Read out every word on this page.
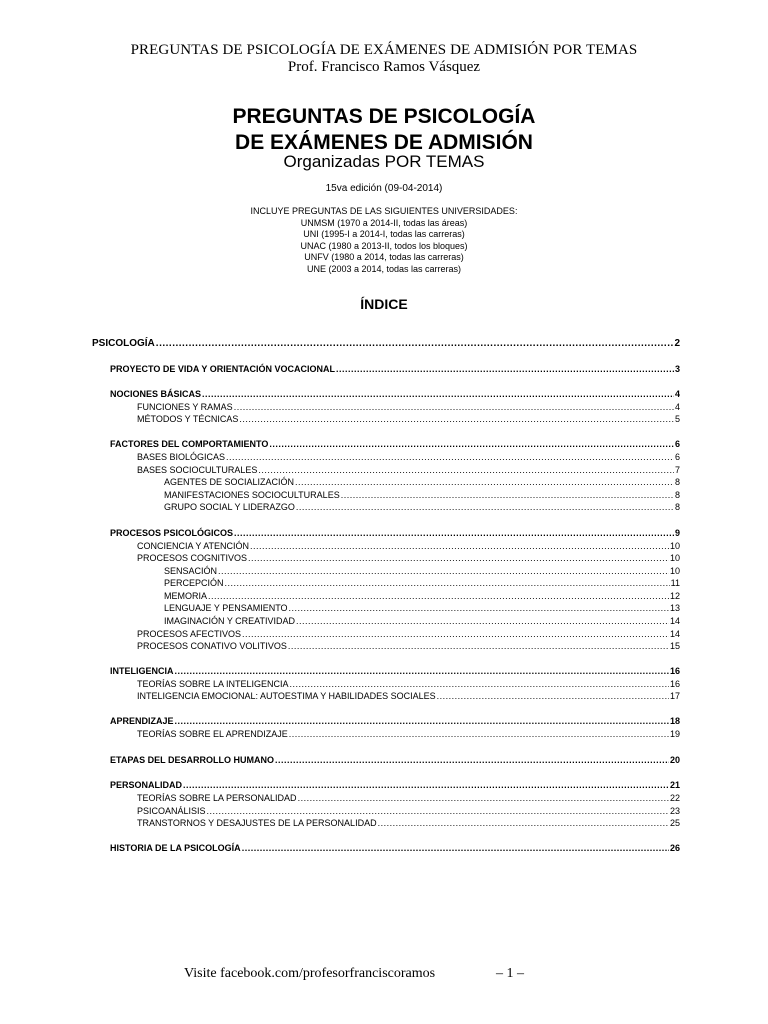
PREGUNTAS DE PSICOLOGÍA DE EXÁMENES DE ADMISIÓN POR TEMAS
Prof. Francisco Ramos Vásquez
PREGUNTAS DE PSICOLOGÍA
DE EXÁMENES DE ADMISIÓN
Organizadas POR TEMAS
15va edición (09-04-2014)
INCLUYE PREGUNTAS DE LAS SIGUIENTES UNIVERSIDADES:
UNMSM (1970 a 2014-II, todas las áreas)
UNI (1995-I a 2014-I, todas las carreras)
UNAC (1980 a 2013-II, todos los bloques)
UNFV (1980 a 2014, todas las carreras)
UNE (2003 a 2014, todas las carreras)
ÍNDICE
PSICOLOGÍA .....	2
PROYECTO DE VIDA Y ORIENTACIÓN VOCACIONAL .....	3
NOCIONES BÁSICAS .....	4
FUNCIONES Y RAMAS .....	4
MÉTODOS Y TÉCNICAS .....	5
FACTORES DEL COMPORTAMIENTO .....	6
BASES BIOLÓGICAS .....	6
BASES SOCIOCULTURALES .....	7
AGENTES DE SOCIALIZACIÓN .....	8
MANIFESTACIONES SOCIOCULTURALES .....	8
GRUPO SOCIAL Y LIDERAZGO .....	8
PROCESOS PSICOLÓGICOS .....	9
CONCIENCIA Y ATENCIÓN .....	10
PROCESOS COGNITIVOS .....	10
SENSACIÓN .....	10
PERCEPCIÓN .....	11
MEMORIA .....	12
LENGUAJE Y PENSAMIENTO .....	13
IMAGINACIÓN Y CREATIVIDAD .....	14
PROCESOS AFECTIVOS .....	14
PROCESOS CONATIVO VOLITIVOS .....	15
INTELIGENCIA .....	16
TEORÍAS SOBRE LA INTELIGENCIA .....	16
INTELIGENCIA EMOCIONAL: AUTOESTIMA Y HABILIDADES SOCIALES .....	17
APRENDIZAJE .....	18
TEORÍAS SOBRE EL APRENDIZAJE .....	19
ETAPAS DEL DESARROLLO HUMANO .....	20
PERSONALIDAD .....	21
TEORÍAS SOBRE LA PERSONALIDAD .....	22
PSICOANÁLISIS .....	23
TRANSTORNOS Y DESAJUSTES DE LA PERSONALIDAD .....	25
HISTORIA DE LA PSICOLOGÍA .....	26
Visite facebook.com/profesorfranciscoramos	– 1 –
